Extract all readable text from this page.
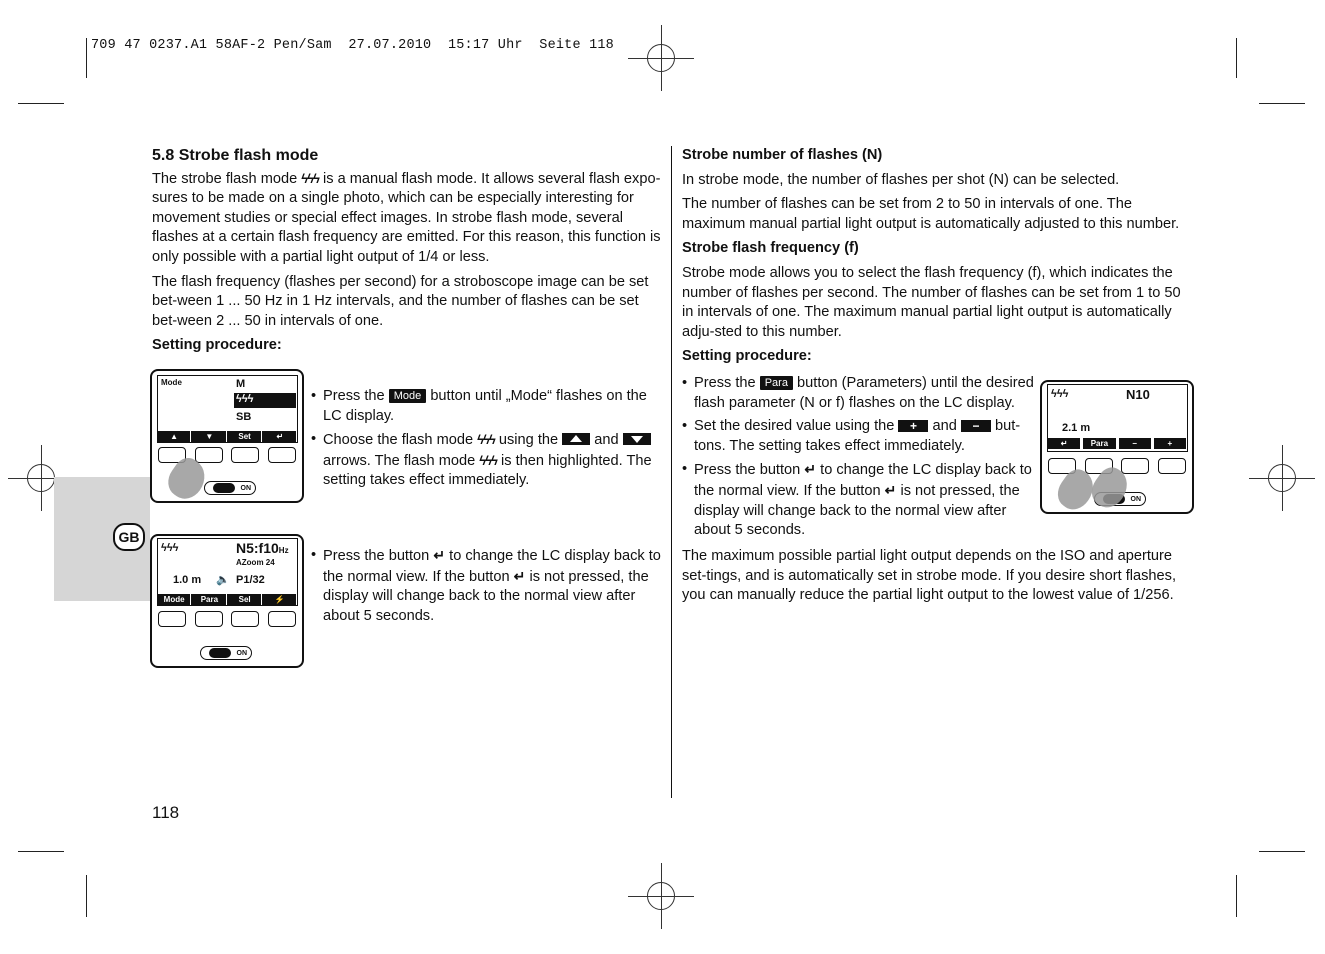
709 47 0237.A1 58AF-2 Pen/Sam  27.07.2010  15:17 Uhr  Seite 118
GB
5.8 Strobe flash mode

The strobe flash mode ϟϟϟ is a manual flash mode. It allows several flash expo-sures to be made on a single photo, which can be especially interesting for movement studies or special effect images. In strobe flash mode, several flashes at a certain flash frequency are emitted. For this reason, this function is only possible with a partial light output of 1/4 or less.

The flash frequency (flashes per second) for a stroboscope image can be set bet-ween 1 ... 50 Hz in 1 Hz intervals, and the number of flashes can be set bet-ween 2 ... 50 in intervals of one.

Setting procedure:

• Press the Mode button until „Mode“ flashes on the LC display.
• Choose the flash mode ϟϟϟ using the and  arrows. The flash mode ϟϟϟ is then highlighted. The setting takes effect immediately.
• Press the button ↵ to change the LC display back to the normal view. If the button ↵ is not pressed, the display will change back to the normal view after about 5 seconds.
Mode	M
ϟϟϟ
SB
▲	▼	Set	↵
ON
ϟϟϟ	N5:f10Hz
AZoom 24
1.0 m 🔈 P1/32
Mode	Para	Sel	⚡
ON

Strobe number of flashes (N)

In strobe mode, the number of flashes per shot (N) can be selected.

The number of flashes can be set from 2 to 50 in intervals of one. The maximum manual partial light output is automatically adjusted to this number.

Strobe flash frequency (f)

Strobe mode allows you to select the flash frequency (f), which indicates the number of flashes per second. The number of flashes can be set from 1 to 50 in intervals of one. The maximum manual partial light output is automatically adju-sted to this number.

Setting procedure:

• Press the Para button (Parameters) until the desired flash parameter (N or f) flashes on the LC display.
• Set the desired value using the + and − but-tons. The setting takes effect immediately.
• Press the button ↵ to change the LC display back to the normal view. If the button ↵ is not pressed, the display will change back to the normal view after about 5 seconds.
The maximum possible partial light output depends on the ISO and aperture set-tings, and is automatically set in strobe mode. If you desire short flashes, you can manually reduce the partial light output to the lowest value of 1/256.
ϟϟϟ	N10
2.1 m
↵	Para	−	+
ON
118
